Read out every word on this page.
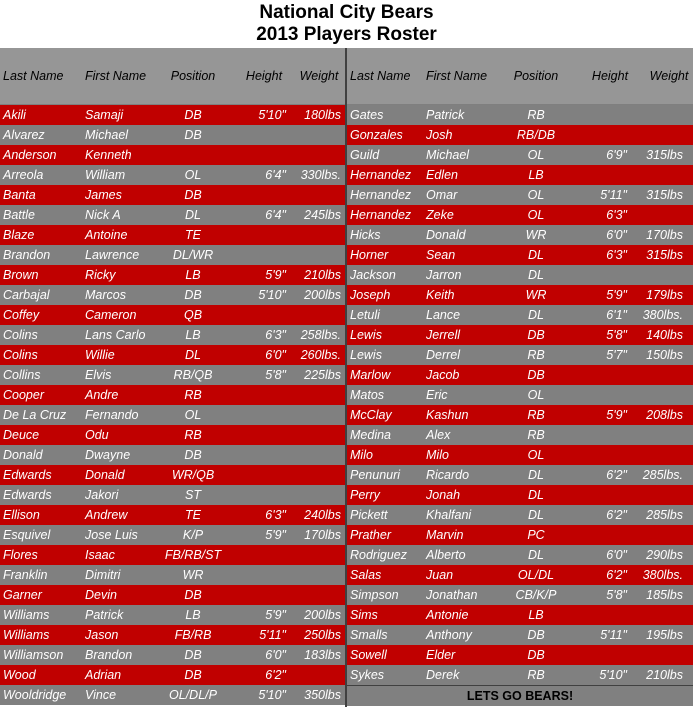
National City Bears
2013 Players Roster
Last Name	First Name	Position	Height	Weight
Akili	Samaji	DB	5'10"	180lbs
Alvarez	Michael	DB
Anderson	Kenneth
Arreola	William	OL	6'4"	330lbs.
Banta	James	DB
Battle	Nick A	DL	6'4"	245lbs
Blaze	Antoine	TE
Brandon	Lawrence	DL/WR
Brown	Ricky	LB	5'9"	210lbs
Carbajal	Marcos	DB	5'10"	200lbs
Coffey	Cameron	QB
Colins	Lans Carlo	LB	6'3"	258lbs.
Colins	Willie	DL	6'0"	260lbs.
Collins	Elvis	RB/QB	5'8"	225lbs
Cooper	Andre	RB
De La Cruz	Fernando	OL
Deuce	Odu	RB
Donald	Dwayne	DB
Edwards	Donald	WR/QB
Edwards	Jakori	ST
Ellison	Andrew	TE	6'3"	240lbs
Esquivel	Jose Luis	K/P	5'9"	170lbs
Flores	Isaac	FB/RB/ST
Franklin	Dimitri	WR
Garner	Devin	DB
Williams	Patrick	LB	5'9"	200lbs
Williams	Jason	FB/RB	5'11"	250lbs
Williamson	Brandon	DB	6'0"	183lbs
Wood	Adrian	DB	6'2"
Wooldridge	Vince	OL/DL/P	5'10"	350lbs
Last Name	First Name	Position	Height	Weight
Gates	Patrick	RB
Gonzales	Josh	RB/DB
Guild	Michael	OL	6'9"	315lbs
Hernandez	Edlen	LB
Hernandez	Omar	OL	5'11"	315lbs
Hernandez	Zeke	OL	6'3"
Hicks	Donald	WR	6'0"	170lbs
Horner	Sean	DL	6'3"	315lbs
Jackson	Jarron	DL
Joseph	Keith	WR	5'9"	179lbs
Letuli	Lance	DL	6'1"	380lbs.
Lewis	Jerrell	DB	5'8"	140lbs
Lewis	Derrel	RB	5'7"	150lbs
Marlow	Jacob	DB
Matos	Eric	OL
McClay	Kashun	RB	5'9"	208lbs
Medina	Alex	RB
Milo	Milo	OL
Penunuri	Ricardo	DL	6'2"	285lbs.
Perry	Jonah	DL
Pickett	Khalfani	DL	6'2"	285lbs
Prather	Marvin	PC
Rodriguez	Alberto	DL	6'0"	290lbs
Salas	Juan	OL/DL	6'2"	380lbs.
Simpson	Jonathan	CB/K/P	5'8"	185lbs
Sims	Antonie	LB
Smalls	Anthony	DB	5'11"	195lbs
Sowell	Elder	DB
Sykes	Derek	RB	5'10"	210lbs
LETS GO BEARS!
